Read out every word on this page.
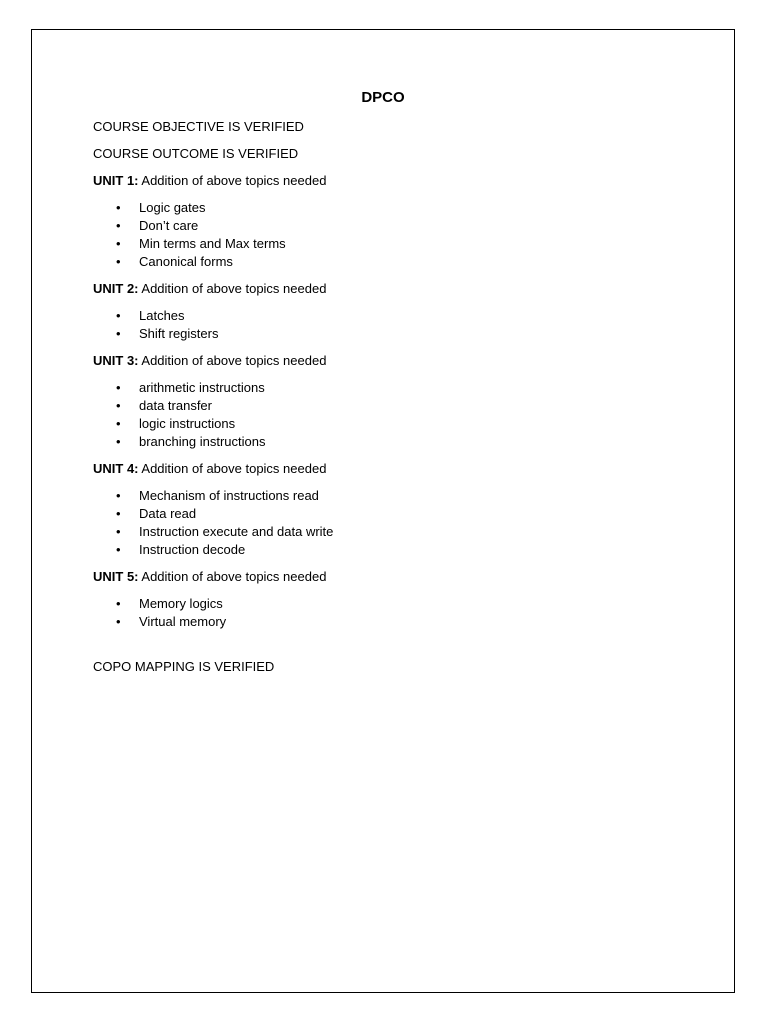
DPCO
COURSE OBJECTIVE IS VERIFIED
COURSE OUTCOME IS VERIFIED
UNIT 1: Addition of above topics needed
• Logic gates
• Don’t care
• Min terms and Max terms
• Canonical forms
UNIT 2: Addition of above topics needed
• Latches
• Shift registers
UNIT 3: Addition of above topics needed
• arithmetic instructions
• data transfer
• logic instructions
• branching instructions
UNIT 4: Addition of above topics needed
• Mechanism of instructions read
• Data read
• Instruction execute and data write
• Instruction decode
UNIT 5: Addition of above topics needed
• Memory logics
• Virtual memory
COPO MAPPING IS VERIFIED
